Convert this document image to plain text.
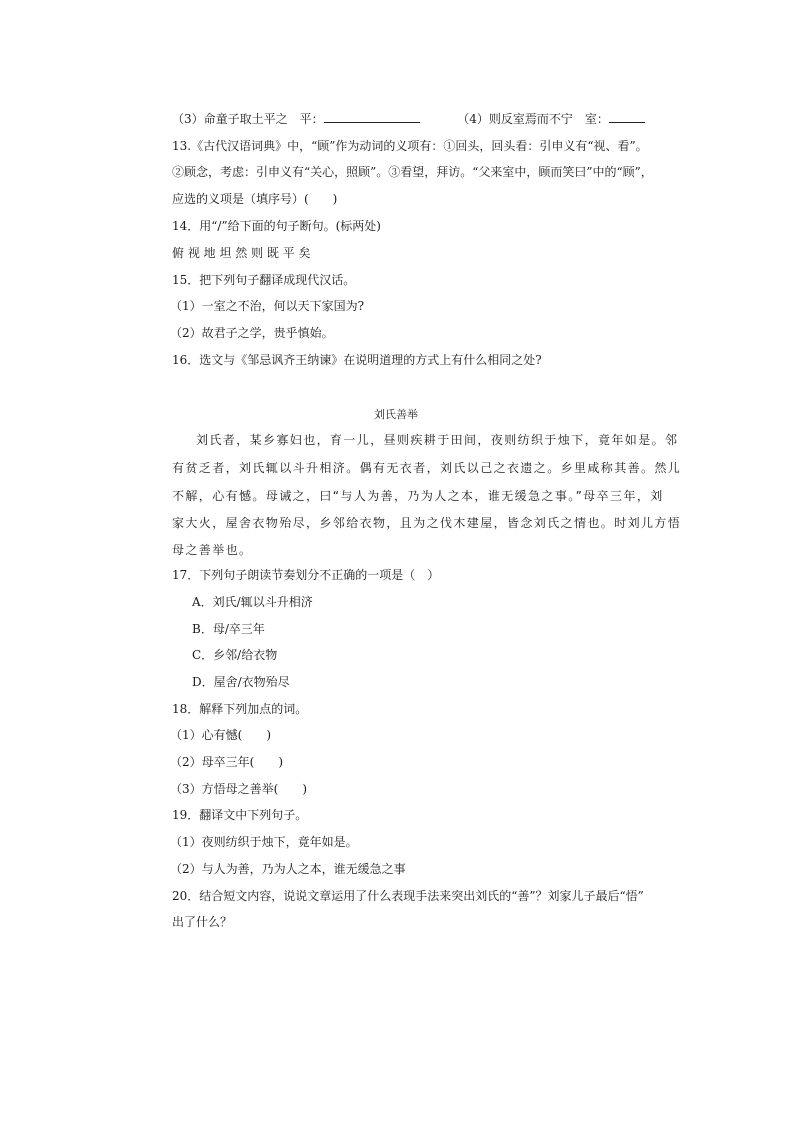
（3）命童子取土平之　平：	（4）则反室焉而不宁　室：
13.《古代汉语词典》中，“顾”作为动词的义项有：①回头，回头看：引申义有“视、看”。
②顾念，考虑：引申义有“关心，照顾”。③看望，拜访。“父来室中，顾而笑曰”中的“顾”，
应选的义项是（填序号）(　　)
14．用“/”给下面的句子断句。(标两处)
俯 视 地 坦 然 则 既 平 矣
15．把下列句子翻译成现代汉话。
（1）一室之不治，何以天下家国为?
（2）故君子之学，贵乎慎始。
16．选文与《邹忌讽齐王纳谏》在说明道理的方式上有什么相同之处?
刘氏善举
刘氏者，某乡寡妇也，育一儿，昼则疾耕于田间，夜则纺织于烛下，竟年如是。邻
有贫乏者，刘氏辄以斗升相济。偶有无衣者，刘氏以己之衣遗之。乡里咸称其善。然儿
不解，心有憾。母诫之，曰“与人为善，乃为人之本，谁无缓急之事。”母卒三年，刘
家大火，屋舍衣物殆尽，乡邻给衣物，且为之伐木建屋，皆念刘氏之情也。时刘儿方悟
母之善举也。
17．下列句子朗读节奏划分不正确的一项是（　）
A．刘氏/辄以斗升相济
B．母/卒三年
C．乡邻/给衣物
D．屋舍/衣物殆尽
18．解释下列加点的词。
（1）心有憾(　　)
（2）母卒三年(　　)
（3）方悟母之善举(　　)
19．翻译文中下列句子。
（1）夜则纺织于烛下，竟年如是。
（2）与人为善，乃为人之本，谁无缓急之事
20．结合短文内容，说说文章运用了什么表现手法来突出刘氏的“善”？刘家儿子最后“悟”
出了什么？
